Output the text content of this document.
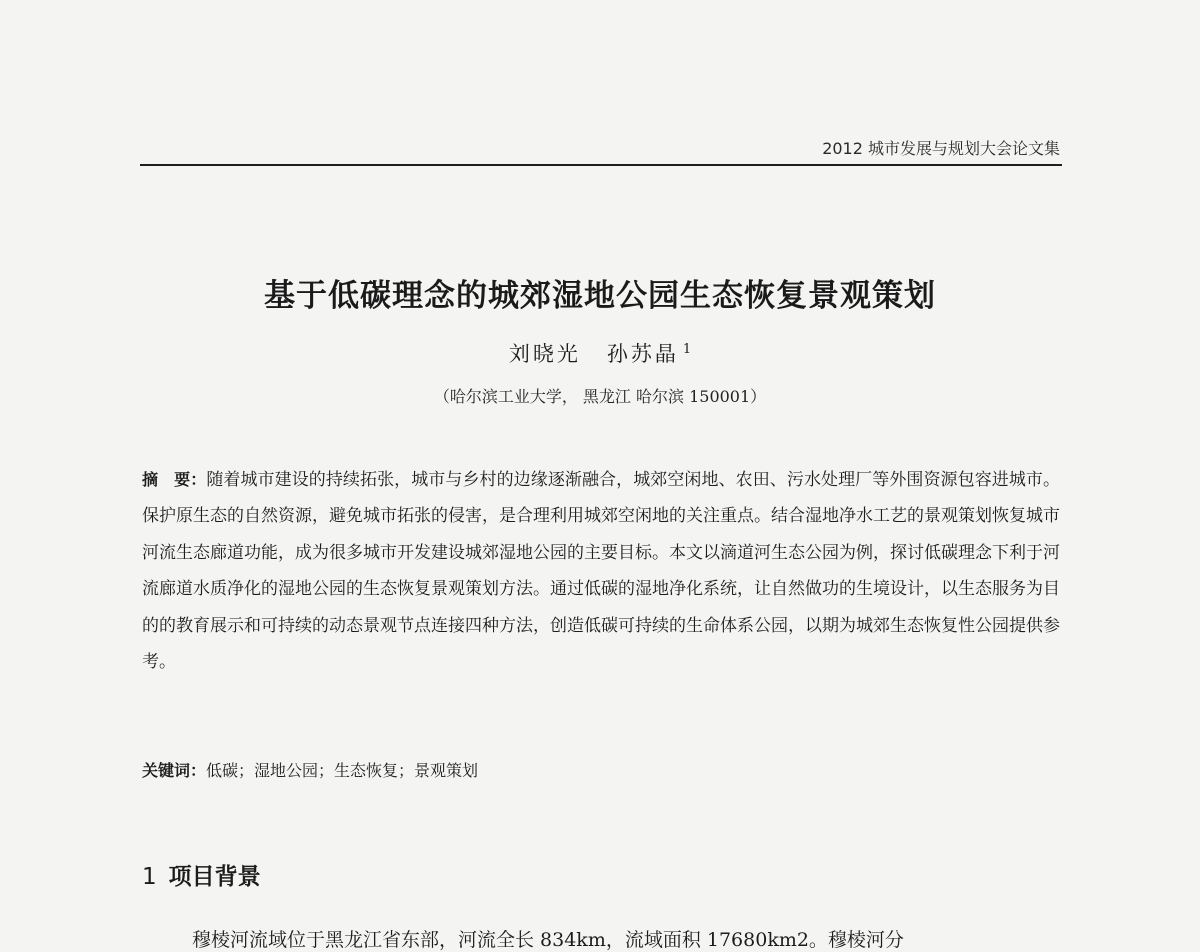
2012 城市发展与规划大会论文集
基于低碳理念的城郊湿地公园生态恢复景观策划
刘晓光 孙苏晶 $^1$
（哈尔滨工业大学， 黑龙江 哈尔滨 150001）
摘　要：随着城市建设的持续拓张，城市与乡村的边缘逐渐融合，城郊空闲地、农田、污水处理厂等外围资源包容进城市。保护原生态的自然资源，避免城市拓张的侵害，是合理利用城郊空闲地的关注重点。结合湿地净水工艺的景观策划恢复城市河流生态廊道功能，成为很多城市开发建设城郊湿地公园的主要目标。本文以滴道河生态公园为例，探讨低碳理念下利于河流廊道水质净化的湿地公园的生态恢复景观策划方法。通过低碳的湿地净化系统，让自然做功的生境设计，以生态服务为目的的教育展示和可持续的动态景观节点连接四种方法，创造低碳可持续的生命体系公园，以期为城郊生态恢复性公园提供参考。
关键词：低碳；湿地公园；生态恢复；景观策划
1 项目背景
穆棱河流域位于黑龙江省东部，河流全长 834km，流域面积 17680km2。穆棱河分
